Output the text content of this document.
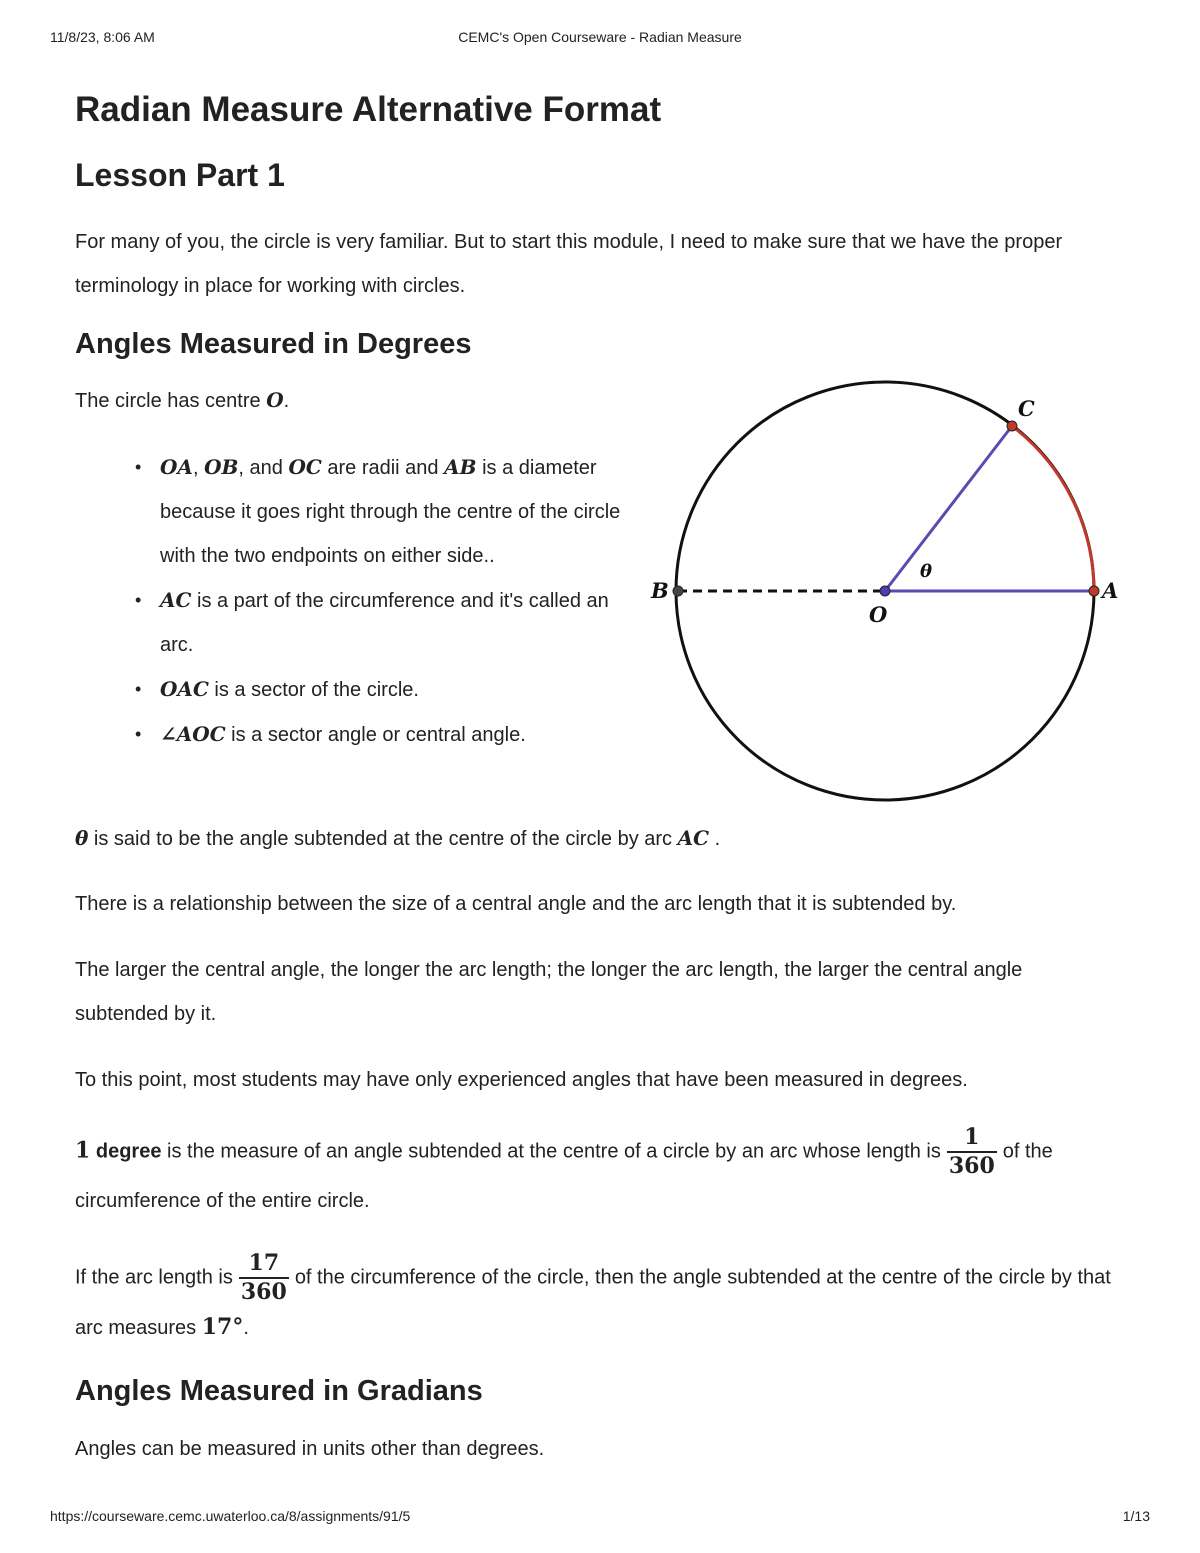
11/8/23, 8:06 AM	CEMC's Open Courseware - Radian Measure
Radian Measure Alternative Format
Lesson Part 1

For many of you, the circle is very familiar. But to start this module, I need to make sure that we have the proper terminology in place for working with circles.

Angles Measured in Degrees

The circle has centre O.

• OA, OB, and OC are radii and AB is a diameter because it goes right through the centre of the circle with the two endpoints on either side..
• AC is a part of the circumference and it's called an arc.
• OAC is a sector of the circle.
• ∠AOC is a sector angle or central angle.

θ is said to be the angle subtended at the centre of the circle by arc AC .

There is a relationship between the size of a central angle and the arc length that it is subtended by.

The larger the central angle, the longer the arc length; the longer the arc length, the larger the central angle subtended by it.

To this point, most students may have only experienced angles that have been measured in degrees.

1 degree is the measure of an angle subtended at the centre of a circle by an arc whose length is $\frac{1}{360}$ of the circumference of the entire circle.

If the arc length is $\frac{17}{360}$ of the circumference of the circle, then the angle subtended at the centre of the circle by that arc measures 17°.

Angles Measured in Gradians

Angles can be measured in units other than degrees.

B	A
C
O
θ
https://courseware.cemc.uwaterloo.ca/8/assignments/91/5	1/13
